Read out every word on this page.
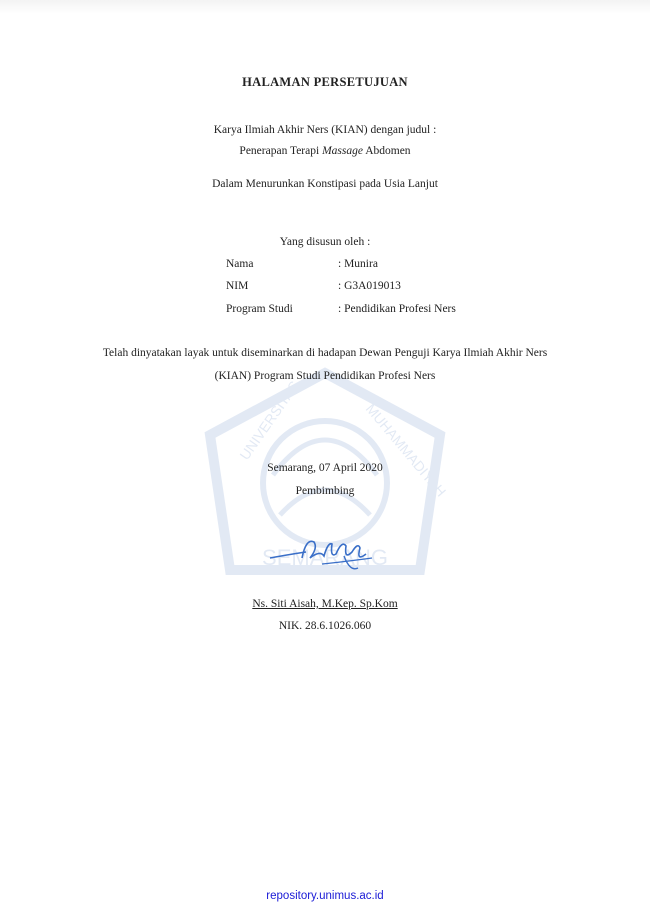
UNIVERSITAS	MUHAMMADIYAH
SEMARANG
HALAMAN PERSETUJUAN
Karya Ilmiah Akhir Ners (KIAN) dengan judul :
Penerapan Terapi Massage Abdomen
Dalam Menurunkan Konstipasi pada Usia Lanjut
Yang disusun oleh :
Nama	: Munira
NIM	: G3A019013
Program Studi	: Pendidikan Profesi Ners
Telah dinyatakan layak untuk diseminarkan di hadapan Dewan Penguji Karya Ilmiah Akhir Ners
(KIAN) Program Studi Pendidikan Profesi Ners
Semarang, 07 April 2020
Pembimbing
Ns. Siti Aisah, M.Kep. Sp.Kom
NIK. 28.6.1026.060
repository.unimus.ac.id
